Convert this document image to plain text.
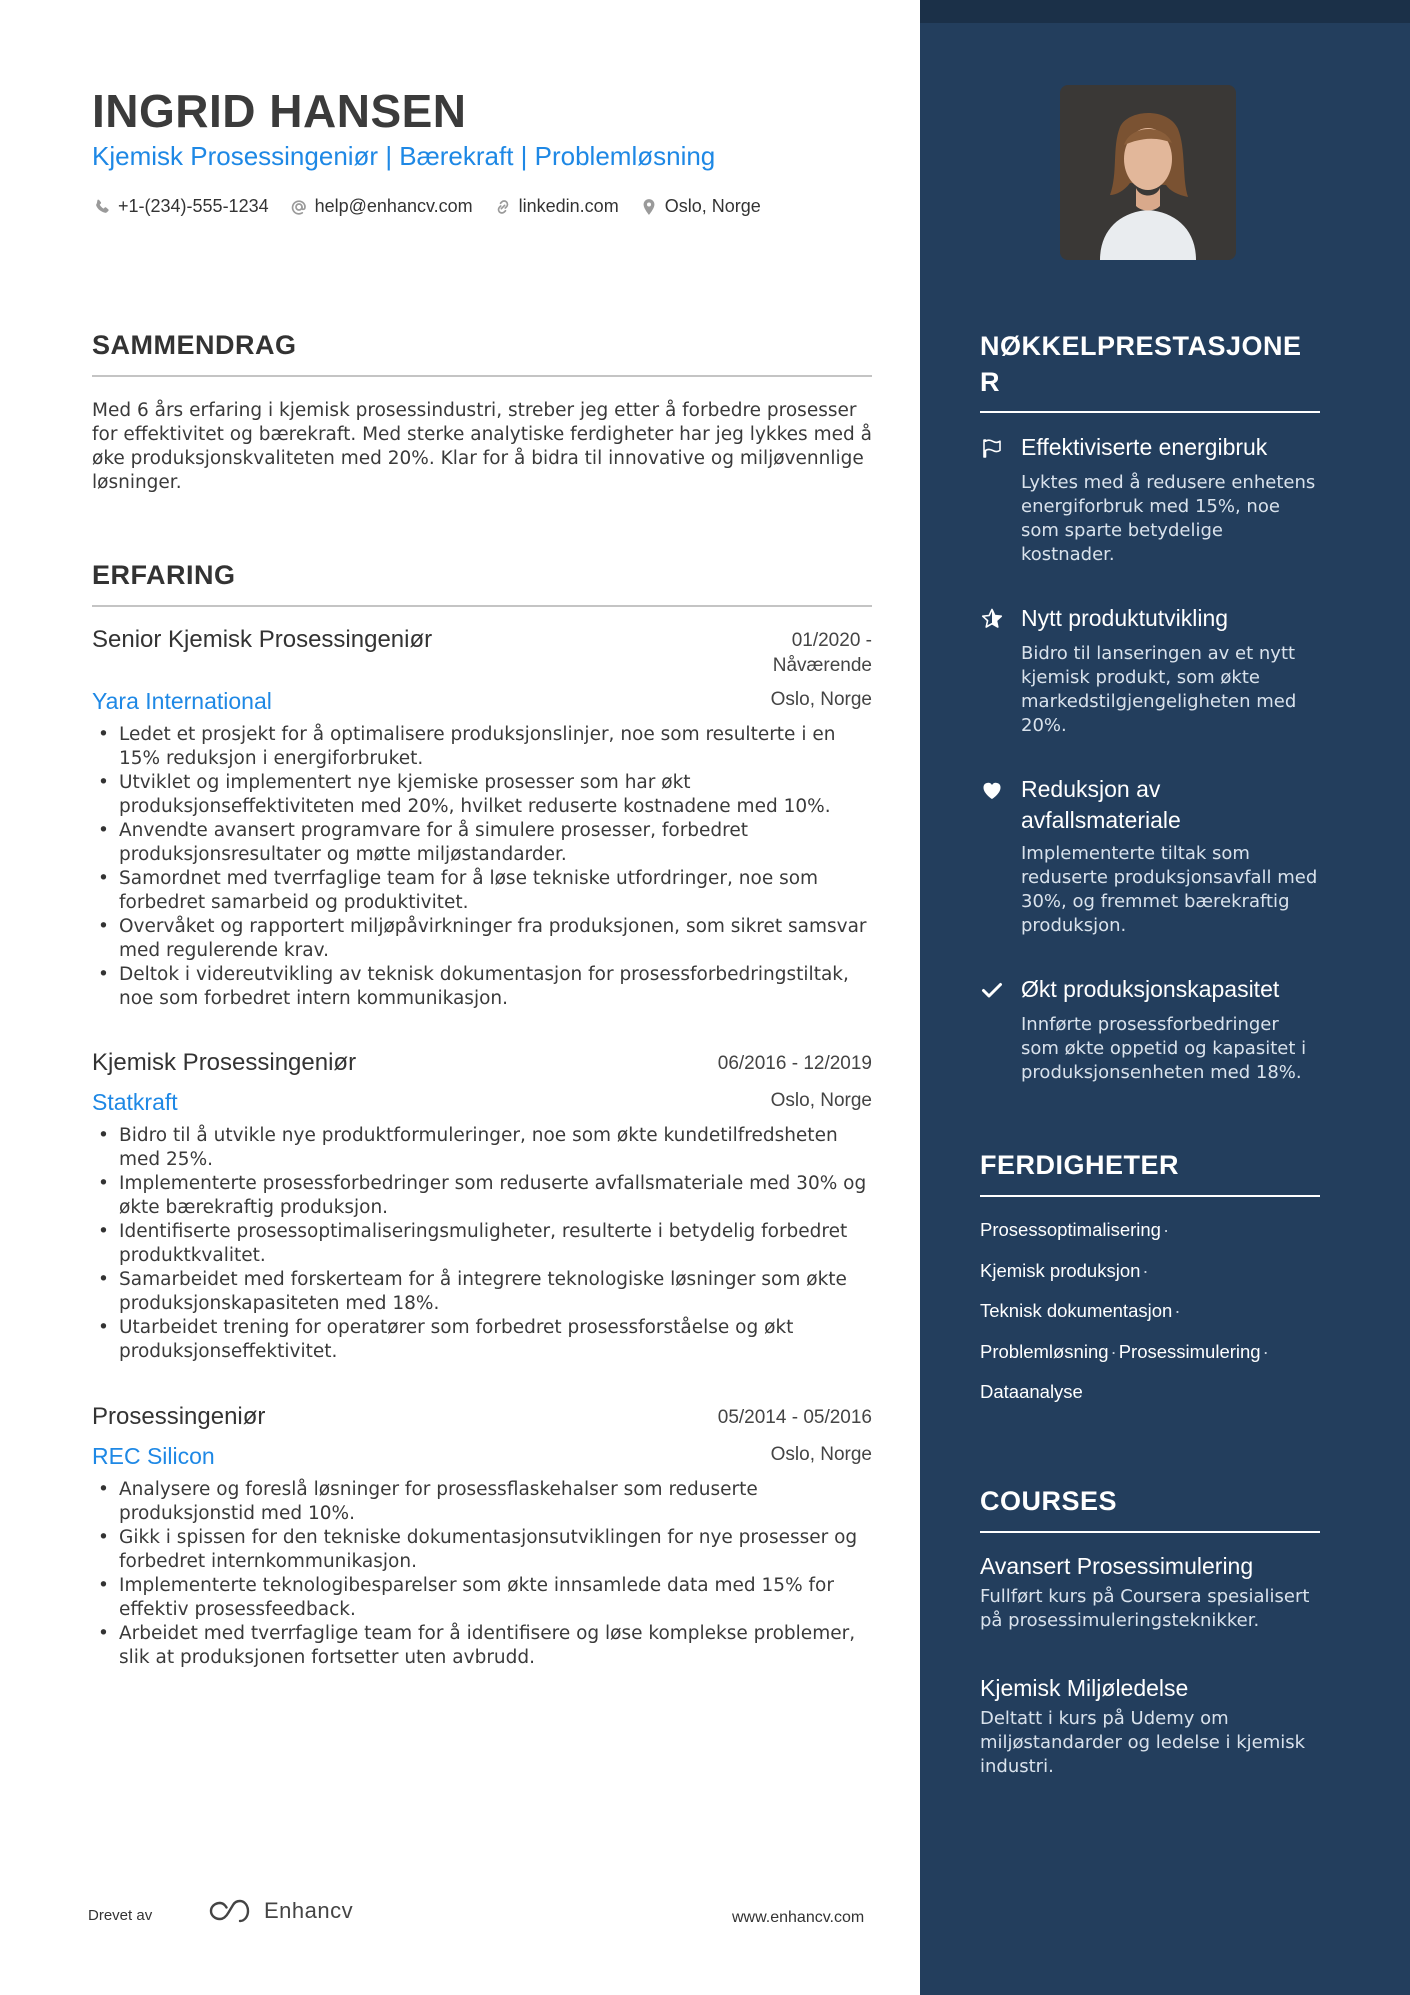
INGRID HANSEN
Kjemisk Prosessingeniør | Bærekraft | Problemløsning
+1-(234)-555-1234	help@enhancv.com	linkedin.com	Oslo, Norge
SAMMENDRAG

Med 6 års erfaring i kjemisk prosessindustri, streber jeg etter å forbedre prosesser for effektivitet og bærekraft. Med sterke analytiske ferdigheter har jeg lykkes med å øke produksjonskvaliteten med 20%. Klar for å bidra til innovative og miljøvennlige løsninger.

ERFARING
Senior Kjemisk Prosessingeniør	01/2020 -
Nåværende
Yara International	Oslo, Norge
• Ledet et prosjekt for å optimalisere produksjonslinjer, noe som resulterte i en 15% reduksjon i energiforbruket.
• Utviklet og implementert nye kjemiske prosesser som har økt produksjonseffektiviteten med 20%, hvilket reduserte kostnadene med 10%.
• Anvendte avansert programvare for å simulere prosesser, forbedret produksjonsresultater og møtte miljøstandarder.
• Samordnet med tverrfaglige team for å løse tekniske utfordringer, noe som forbedret samarbeid og produktivitet.
• Overvåket og rapportert miljøpåvirkninger fra produksjonen, som sikret samsvar med regulerende krav.
• Deltok i videreutvikling av teknisk dokumentasjon for prosessforbedringstiltak, noe som forbedret intern kommunikasjon.
Kjemisk Prosessingeniør	06/2016 - 12/2019
Statkraft	Oslo, Norge
• Bidro til å utvikle nye produktformuleringer, noe som økte kundetilfredsheten med 25%.
• Implementerte prosessforbedringer som reduserte avfallsmateriale med 30% og økte bærekraftig produksjon.
• Identifiserte prosessoptimaliseringsmuligheter, resulterte i betydelig forbedret produktkvalitet.
• Samarbeidet med forskerteam for å integrere teknologiske løsninger som økte produksjonskapasiteten med 18%.
• Utarbeidet trening for operatører som forbedret prosessforståelse og økt produksjonseffektivitet.
Prosessingeniør	05/2014 - 05/2016
REC Silicon	Oslo, Norge
• Analysere og foreslå løsninger for prosessflaskehalser som reduserte produksjonstid med 10%.
• Gikk i spissen for den tekniske dokumentasjonsutviklingen for nye prosesser og forbedret internkommunikasjon.
• Implementerte teknologibesparelser som økte innsamlede data med 15% for effektiv prosessfeedback.
• Arbeidet med tverrfaglige team for å identifisere og løse komplekse problemer, slik at produksjonen fortsetter uten avbrudd.
Drevet av	Enhancv	www.enhancv.com
NØKKELPRESTASJONE
R
Effektiviserte energibruk
Lyktes med å redusere enhetens energiforbruk med 15%, noe som sparte betydelige kostnader.
Nytt produktutvikling
Bidro til lanseringen av et nytt kjemisk produkt, som økte markedstilgjengeligheten med 20%.
Reduksjon av avfallsmateriale
Implementerte tiltak som reduserte produksjonsavfall med 30%, og fremmet bærekraftig produksjon.
Økt produksjonskapasitet
Innførte prosessforbedringer som økte oppetid og kapasitet i produksjonsenheten med 18%.
FERDIGHETER
Prosessoptimalisering ·
Kjemisk produksjon ·
Teknisk dokumentasjon ·
Problemløsning · Prosessimulering ·
Dataanalyse
COURSES
Avansert Prosessimulering
Fullført kurs på Coursera spesialisert på prosessimuleringsteknikker.
Kjemisk Miljøledelse
Deltatt i kurs på Udemy om miljøstandarder og ledelse i kjemisk industri.
